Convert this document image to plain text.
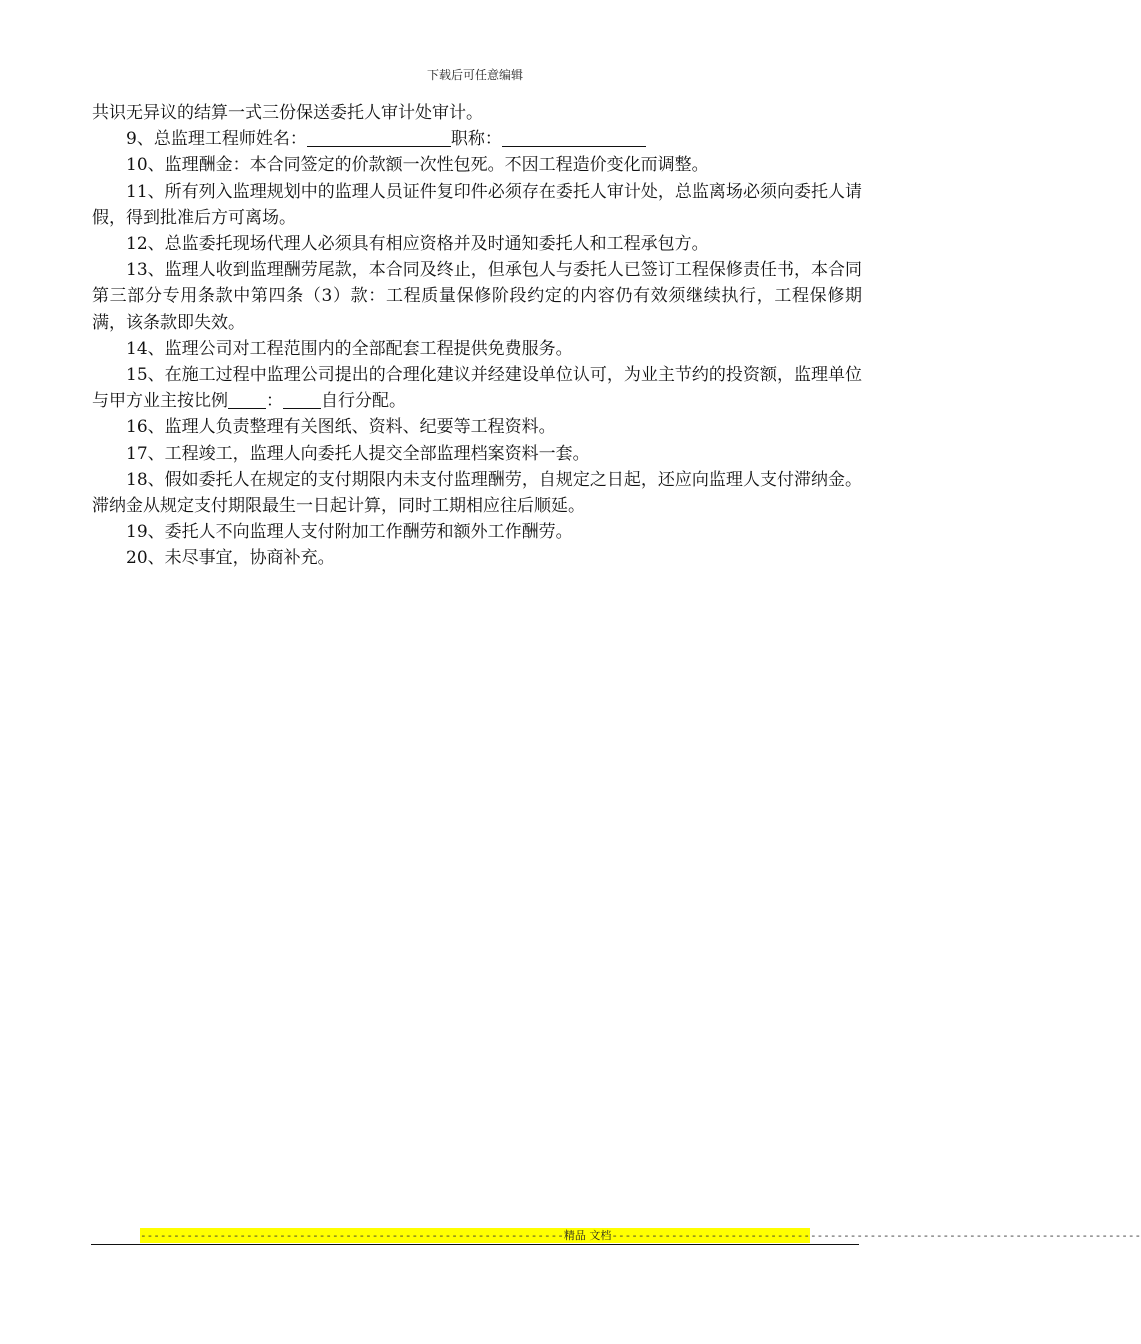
下载后可任意编辑

共识无异议的结算一式三份保送委托人审计处审计。

9、总监理工程师姓名：	职称：

10、监理酬金：本合同签定的价款额一次性包死。不因工程造价变化而调整。

11、所有列入监理规划中的监理人员证件复印件必须存在委托人审计处，总监离场必须向委托人请假，得到批准后方可离场。

12、总监委托现场代理人必须具有相应资格并及时通知委托人和工程承包方。

13、监理人收到监理酬劳尾款，本合同及终止，但承包人与委托人已签订工程保修责任书，本合同第三部分专用条款中第四条（3）款：工程质量保修阶段约定的内容仍有效须继续执行，工程保修期满，该条款即失效。

14、监理公司对工程范围内的全部配套工程提供免费服务。

15、在施工过程中监理公司提出的合理化建议并经建设单位认可，为业主节约的投资额，监理单位与甲方业主按比例 ： 自行分配。

16、监理人负责整理有关图纸、资料、纪要等工程资料。

17、工程竣工，监理人向委托人提交全部监理档案资料一套。

18、假如委托人在规定的支付期限内未支付监理酬劳，自规定之日起，还应向监理人支付滞纳金。滞纳金从规定支付期限最生一日起计算，同时工期相应往后顺延。

19、委托人不向监理人支付附加工作酬劳和额外工作酬劳。

20、未尽事宜，协商补充。

----------------------------------------------------------------精品 文档--------------------------------------------------------------------------------
